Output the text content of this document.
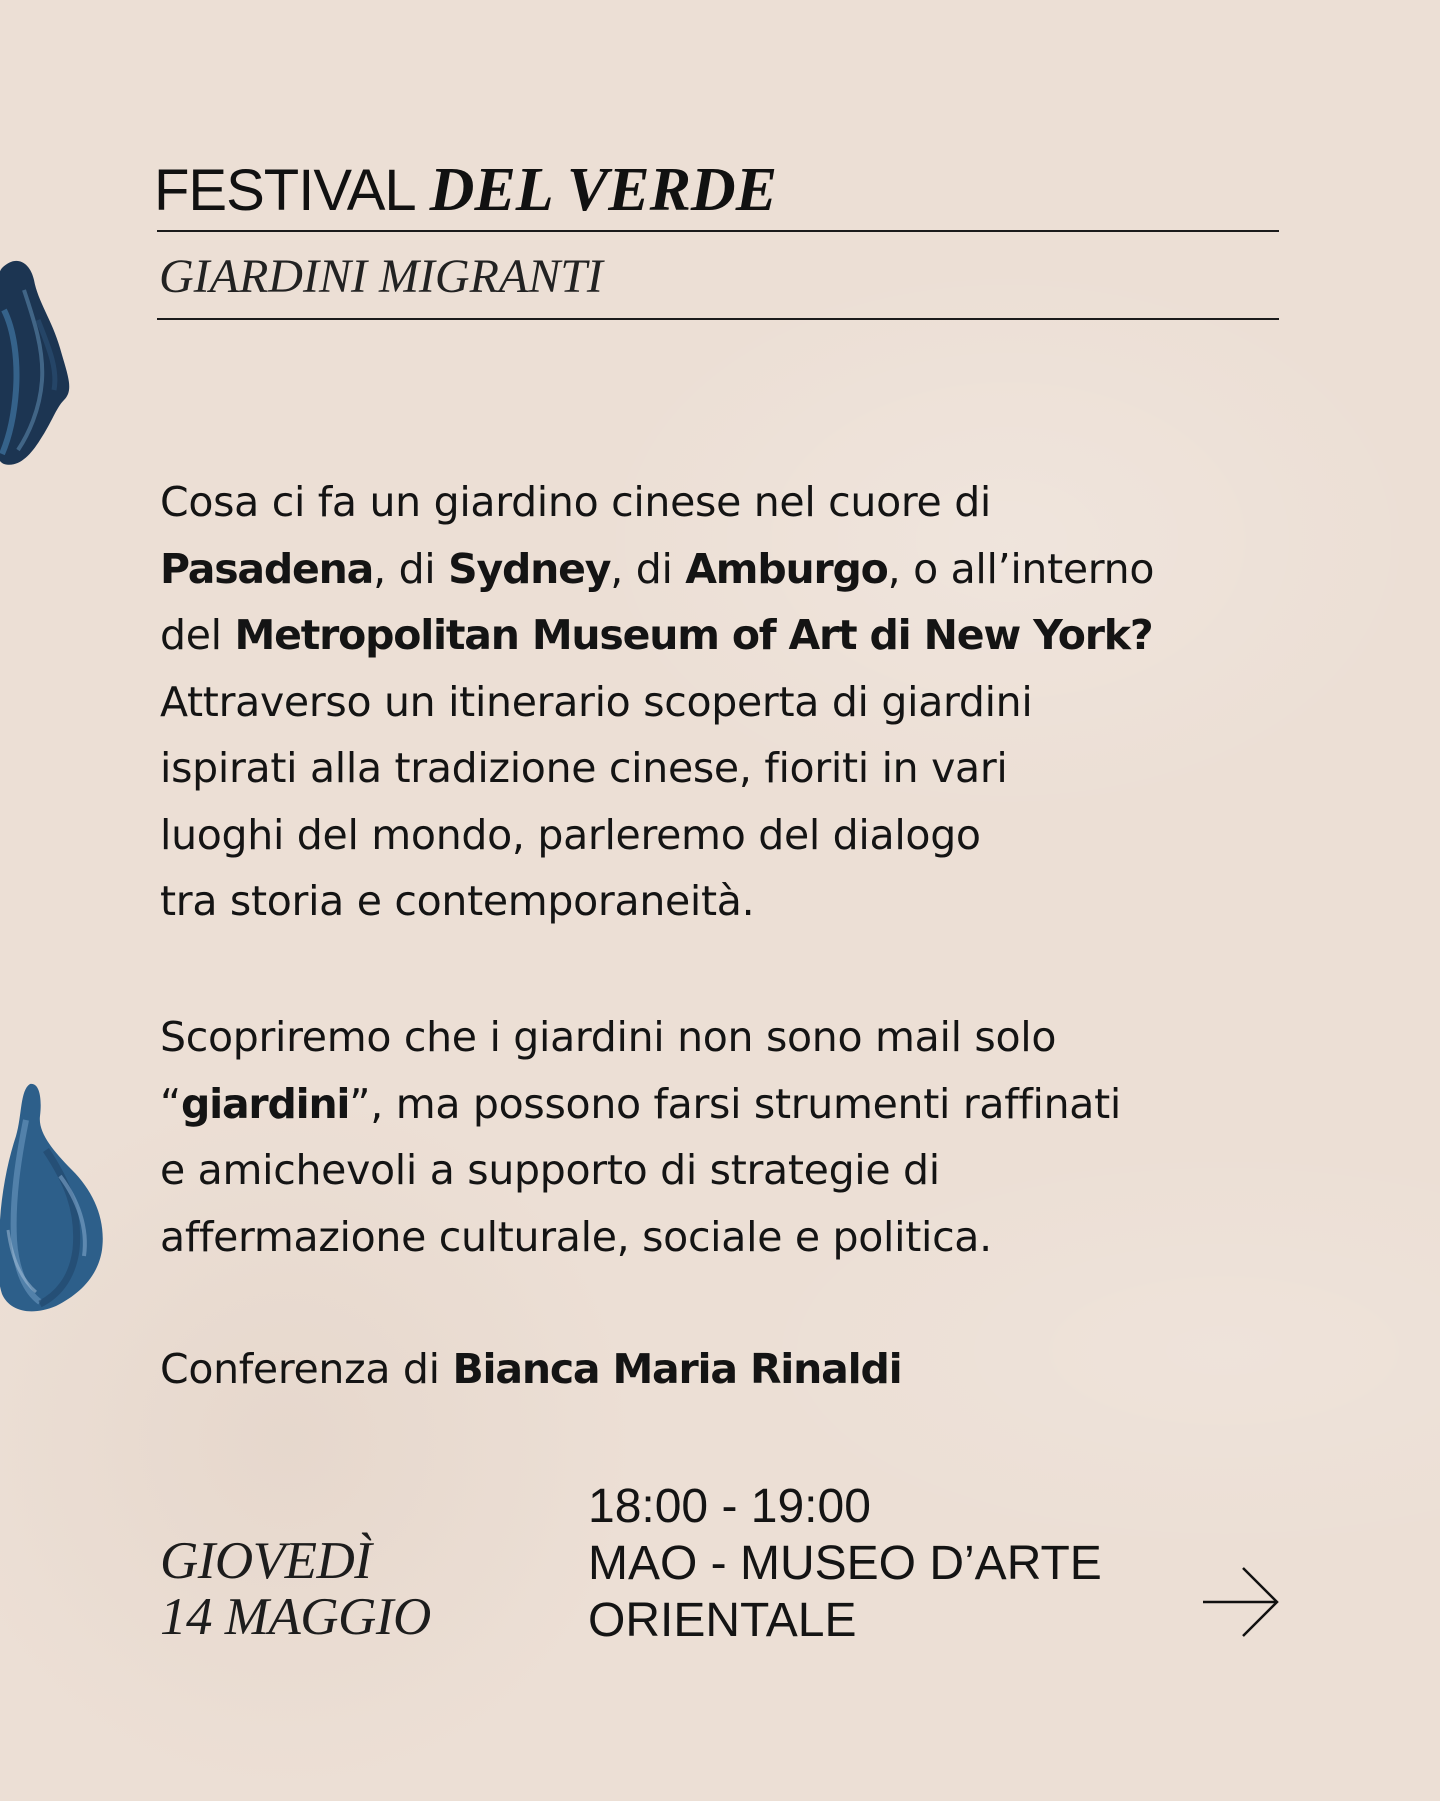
FESTIVAL DEL VERDE
GIARDINI MIGRANTI
Cosa ci fa un giardino cinese nel cuore di
Pasadena, di Sydney, di Amburgo, o all’interno
del Metropolitan Museum of Art di New York?
Attraverso un itinerario scoperta di giardini
ispirati alla tradizione cinese, fioriti in vari
luoghi del mondo, parleremo del dialogo
tra storia e contemporaneità.
Scopriremo che i giardini non sono mail solo
“giardini”, ma possono farsi strumenti raffinati
e amichevoli a supporto di strategie di
affermazione culturale, sociale e politica.
Conferenza di Bianca Maria Rinaldi
GIOVEDÌ
14 MAGGIO
18:00 - 19:00
MAO - MUSEO D’ARTE
ORIENTALE
